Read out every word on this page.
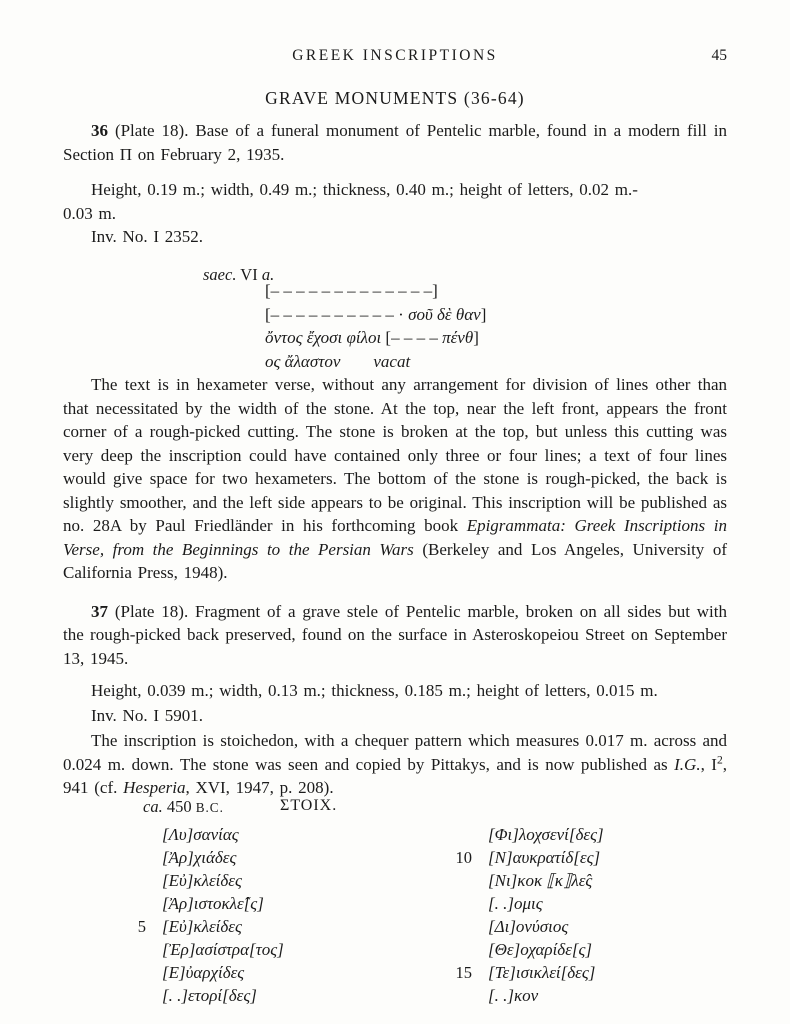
GREEK INSCRIPTIONS	45
GRAVE MONUMENTS (36-64)

36 (Plate 18). Base of a funeral monument of Pentelic marble, found in a modern fill in Section Π on February 2, 1935.

Height, 0.19 m.; width, 0.49 m.; thickness, 0.40 m.; height of letters, 0.02 m.-
0.03 m.

Inv. No. I 2352.

saec. VI a.
[– – – – – – – – – – – – –]
[– – – – – – – – – – · σοῦ δὲ θαν]
ὄντος ἔχοσι φίλοι [– – – – πένθ]
ος ἄλαστον vacat

The text is in hexameter verse, without any arrangement for division of lines other than that necessitated by the width of the stone. At the top, near the left front, appears the front corner of a rough-picked cutting. The stone is broken at the top, but unless this cutting was very deep the inscription could have contained only three or four lines; a text of four lines would give space for two hexameters. The bottom of the stone is rough-picked, the back is slightly smoother, and the left side appears to be original. This inscription will be published as no. 28A by Paul Friedländer in his forthcoming book Epigrammata: Greek Inscriptions in Verse, from the Beginnings to the Persian Wars (Berkeley and Los Angeles, University of California Press, 1948).

37 (Plate 18). Fragment of a grave stele of Pentelic marble, broken on all sides but with the rough-picked back preserved, found on the surface in Asteroskopeiou Street on September 13, 1945.

Height, 0.039 m.; width, 0.13 m.; thickness, 0.185 m.; height of letters, 0.015 m.

Inv. No. I 5901.

The inscription is stoichedon, with a chequer pattern which measures 0.017 m. across and 0.024 m. down. The stone was seen and copied by Pittakys, and is now published as I.G., $I^2$, 941 (cf. Hesperia, XVI, 1947, p. 208).

ca. 450 B.C.	ΣΤΟΙΧ.
[Λυ]σανίας
[Ἀρ]χιάδες
[Εὐ]κλείδες
[Ἀρ]ιστοκλε̂[ς]
5 [Εὐ]κλείδες
[Ἐρ]ασίστρα[τος]
[Ε]ὐαρχίδες
[. .]ετορί[δες]
[Φι]λοχσενί[δες]
10 [Ν]αυκρατίδ[ες]
[Νι]κοκ ⟦κ⟧λε̂ς
[. .]ομις
[Δι]ονύσιος
[Θε]οχαρίδε[ς]
15 [Τε]ισικλεί[δες]
[. .]κον
